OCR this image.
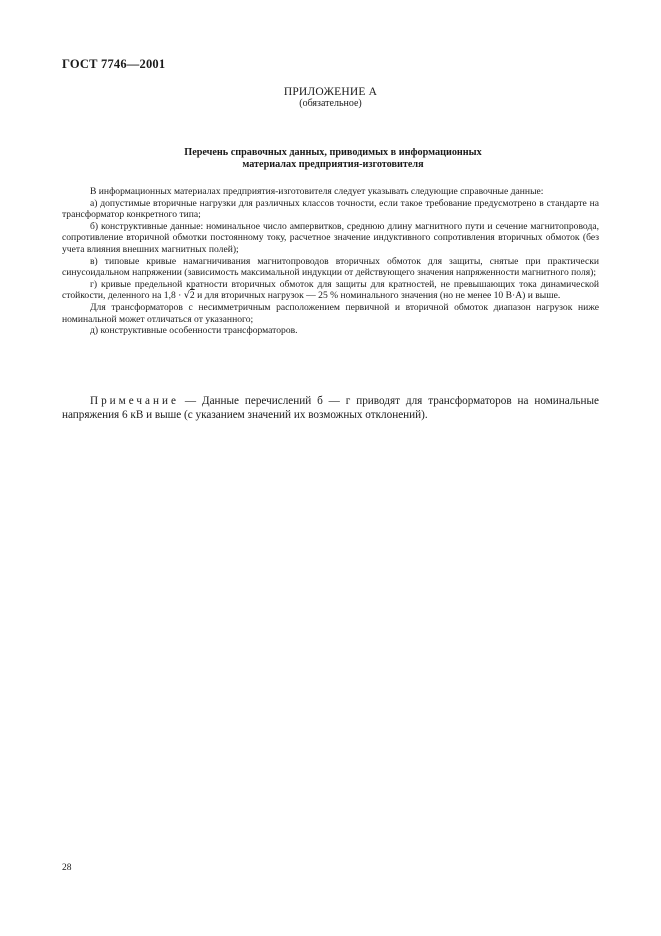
ГОСТ 7746—2001
ПРИЛОЖЕНИЕ А
(обязательное)
Перечень справочных данных, приводимых в информационных
материалах предприятия-изготовителя

В информационных материалах предприятия-изготовителя следует указывать следующие справочные данные:

а) допустимые вторичные нагрузки для различных классов точности, если такое требование предусмотрено в стандарте на трансформатор конкретного типа;

б) конструктивные данные: номинальное число ампервитков, среднюю длину магнитного пути и сечение магнитопровода, сопротивление вторичной обмотки постоянному току, расчетное значение индуктивного сопротивления вторичных обмоток (без учета влияния внешних магнитных полей);

в) типовые кривые намагничивания магнитопроводов вторичных обмоток для защиты, снятые при практически синусоидальном напряжении (зависимость максимальной индукции от действующего значения напряженности магнитного поля);

г) кривые предельной кратности вторичных обмоток для защиты для кратностей, не превышающих тока динамической стойкости, деленного на 1,8 · √2 и для вторичных нагрузок — 25 % номинального значения (но не менее 10 В·А) и выше.

Для трансформаторов с несимметричным расположением первичной и вторичной обмоток диапазон нагрузок ниже номинальной может отличаться от указанного;

д) конструктивные особенности трансформаторов.

Примечание — Данные перечислений б — г приводят для трансформаторов на номинальные напряжения 6 кВ и выше (с указанием значений их возможных отклонений).
28
